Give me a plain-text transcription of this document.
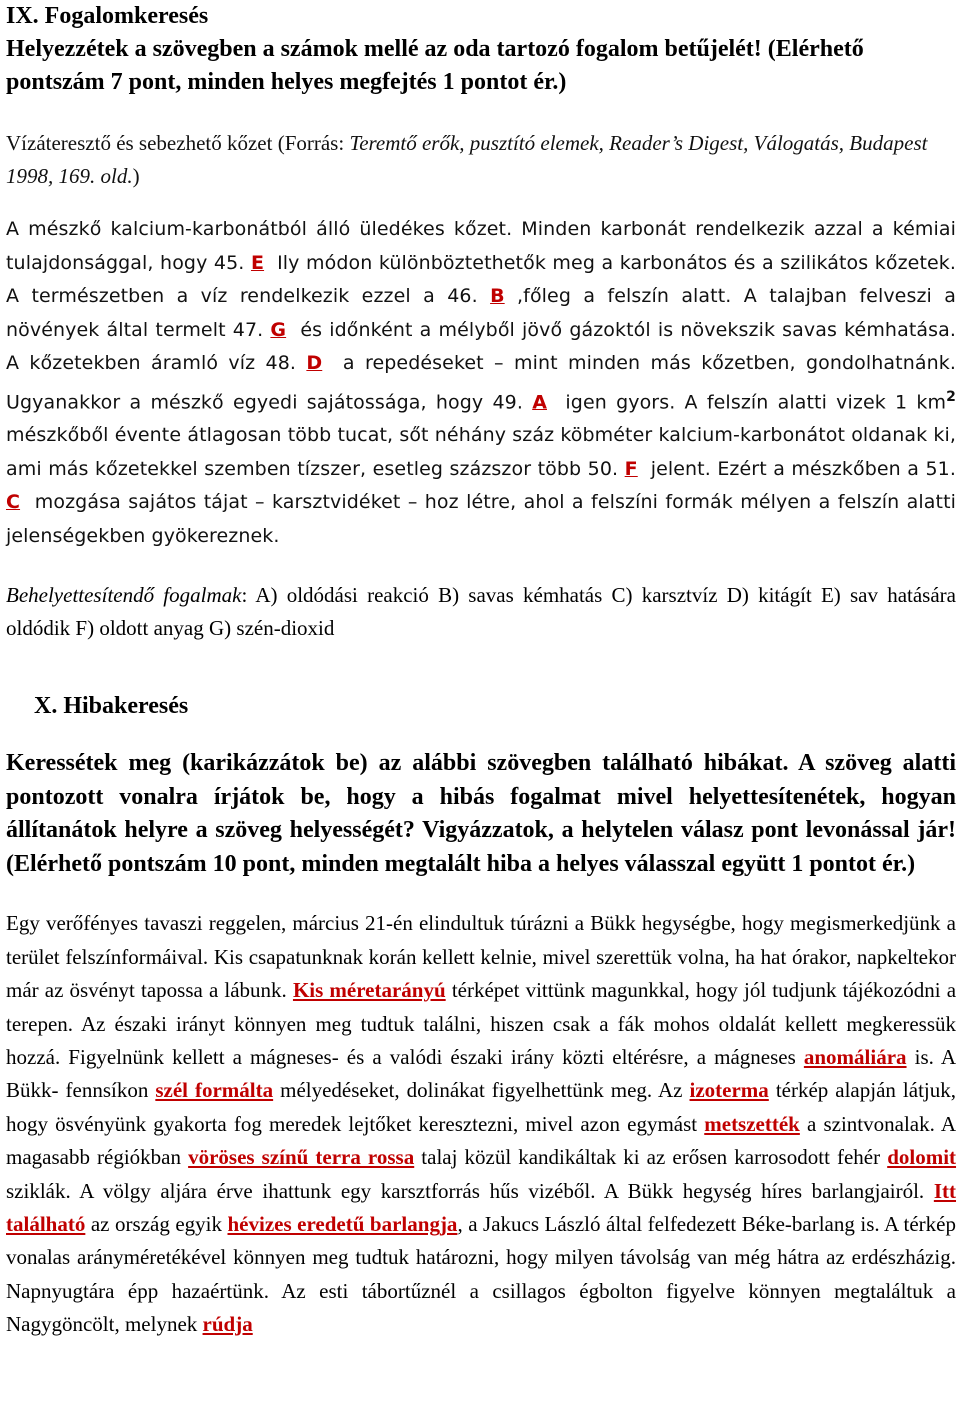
IX. Fogalomkeresés

Helyezzétek a szövegben a számok mellé az oda tartozó fogalom betűjelét! (Elérhető pontszám 7 pont, minden helyes megfejtés 1 pontot ér.)

Vízáteresztő és sebezhető kőzet (Forrás: Teremtő erők, pusztító elemek, Reader’s Digest, Válogatás, Budapest 1998, 169. old.)

A mészkő kalcium-karbonátból álló üledékes kőzet. Minden karbonát rendelkezik azzal a kémiai tulajdonsággal, hogy 45. E Ily módon különböztethetők meg a karbonátos és a szilikátos kőzetek. A természetben a víz rendelkezik ezzel a 46. B ,főleg a felszín alatt. A talajban felveszi a növények által termelt 47. G és időnként a mélyből jövő gázoktól is növekszik savas kémhatása. A kőzetekben áramló víz 48. D a repedéseket – mint minden más kőzetben, gondolhatnánk. Ugyanakkor a mészkő egyedi sajátossága, hogy 49. A igen gyors. A felszín alatti vizek 1 $km^2$ mészkőből évente átlagosan több tucat, sőt néhány száz köbméter kalcium-karbonátot oldanak ki, ami más kőzetekkel szemben tízszer, esetleg százszor több 50. F jelent. Ezért a mészkőben a 51. C mozgása sajátos tájat – karsztvidéket – hoz létre, ahol a felszíni formák mélyen a felszín alatti jelenségekben gyökereznek.

Behelyettesítendő fogalmak: A) oldódási reakció B) savas kémhatás C) karsztvíz D) kitágít E) sav hatására oldódik F) oldott anyag G) szén-dioxid

X. Hibakeresés

Keressétek meg (karikázzátok be) az alábbi szövegben található hibákat. A szöveg alatti pontozott vonalra írjátok be, hogy a hibás fogalmat mivel helyettesítenétek, hogyan állítanátok helyre a szöveg helyességét? Vigyázzatok, a helytelen válasz pont levonással jár! (Elérhető pontszám 10 pont, minden megtalált hiba a helyes válasszal együtt 1 pontot ér.)

Egy verőfényes tavaszi reggelen, március 21-én elindultuk túrázni a Bükk hegységbe, hogy megismerkedjünk a terület felszínformáival. Kis csapatunknak korán kellett kelnie, mivel szerettük volna, ha hat órakor, napkeltekor már az ösvényt tapossa a lábunk. Kis méretarányú térképet vittünk magunkkal, hogy jól tudjunk tájékozódni a terepen. Az északi irányt könnyen meg tudtuk találni, hiszen csak a fák mohos oldalát kellett megkeressük hozzá. Figyelnünk kellett a mágneses- és a valódi északi irány közti eltérésre, a mágneses anomáliára is. A Bükk- fennsíkon szél formálta mélyedéseket, dolinákat figyelhettünk meg. Az izoterma térkép alapján látjuk, hogy ösvényünk gyakorta fog meredek lejtőket keresztezni, mivel azon egymást metszették a szintvonalak. A magasabb régiókban vöröses színű terra rossa talaj közül kandikáltak ki az erősen karrosodott fehér dolomit sziklák. A völgy aljára érve ihattunk egy karsztforrás hűs vizéből. A Bükk hegység híres barlangjairól. Itt található az ország egyik hévizes eredetű barlangja, a Jakucs László által felfedezett Béke-barlang is. A térkép vonalas arányméretékével könnyen meg tudtuk határozni, hogy milyen távolság van még hátra az erdészházig. Napnyugtára épp hazaértünk. Az esti tábortűznél a csillagos égbolton figyelve könnyen megtaláltuk a Nagygöncölt, melynek rúdja
